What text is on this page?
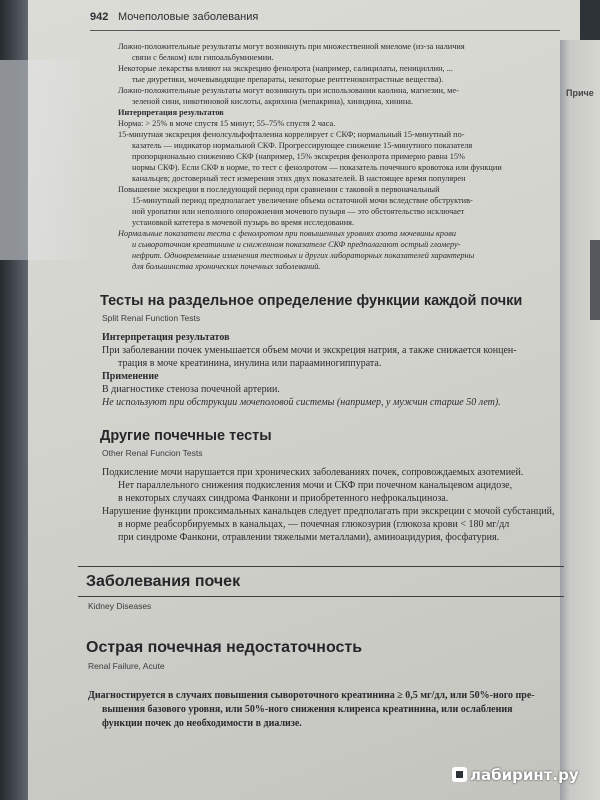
Приче
942 Мочеполовые заболевания
Ложно-положительные результаты могут возникнуть при множественной миеломе (из-за наличия
связи с белком) или гипоальбуминемии.
Некоторые лекарства влияют на экскрецию фенолрота (например, салицилаты, пенициллин, ...
тые диуретики, мочевыводящие препараты, некоторые рентгеноконтрастные вещества).
Ложно-положительные результаты могут возникнуть при использовании каолина, магнезии, ме-
зеленой сини, никотиновой кислоты, акрихина (мепакрина), хинидина, хинина.
Интерпретация результатов
Норма: > 25% в моче спустя 15 минут; 55–75% спустя 2 часа.
15-минутная экскреция фенолсульфофталеина коррелирует с СКФ; нормальный 15-минутный по-
казатель — индикатор нормальной СКФ. Прогрессирующее снижение 15-минутного показателя
пропорционально снижению СКФ (например, 15% экскреция фенолрота примерно равна 15%
нормы СКФ). Если СКФ в норме, то тест с фенолротом — показатель почечного кровотока или функции
канальцев; достоверный тест измерения этих двух показателей. В настоящее время популярен
Повышение экскреции в последующий период при сравнении с таковой в первоначальный
15-минутный период предполагает увеличение объема остаточной мочи вследствие обструктив-
ной уропатии или неполного опорожнения мочевого пузыря — это обстоятельство исключает
установкой катетера в мочевой пузырь во время исследования.
Нормальные показатели теста с фенолротом при повышенных уровнях азота мочевины крови
и сывороточном креатинине и сниженном показателе СКФ предполагают острый гломеру-
нефрит. Одновременные изменения тестовых и других лабораторных показателей характерны
для большинства хронических почечных заболеваний.
Тесты на раздельное определение функции каждой почки
Split Renal Function Tests
Интерпретация результатов
При заболевании почек уменьшается объем мочи и экскреция натрия, а также снижается концен-
трация в моче креатинина, инулина или парааминогиппурата.
Применение
В диагностике стеноза почечной артерии.
Не используют при обструкции мочеполовой системы (например, у мужчин старше 50 лет).
Другие почечные тесты
Other Renal Funcion Tests
Подкисление мочи нарушается при хронических заболеваниях почек, сопровождаемых азотемией.
Нет параллельного снижения подкисления мочи и СКФ при почечном канальцевом ацидозе,
в некоторых случаях синдрома Фанкони и приобретенного нефрокальциноза.
Нарушение функции проксимальных канальцев следует предполагать при экскреции с мочой субстанций,
в норме реабсорбируемых в канальцах, — почечная глюкозурия (глюкоза крови < 180 мг/дл
при синдроме Фанкони, отравлении тяжелыми металлами), аминоацидурия, фосфатурия.
Заболевания почек
Kidney Diseases
Острая почечная недостаточность
Renal Failure, Acute
Диагностируется в случаях повышения сывороточного креатинина ≥ 0,5 мг/дл, или 50%-ного пре-
вышения базового уровня, или 50%-ного снижения клиренса креатинина, или ослабления
функции почек до необходимости в диализе.
лабиринт.ру
